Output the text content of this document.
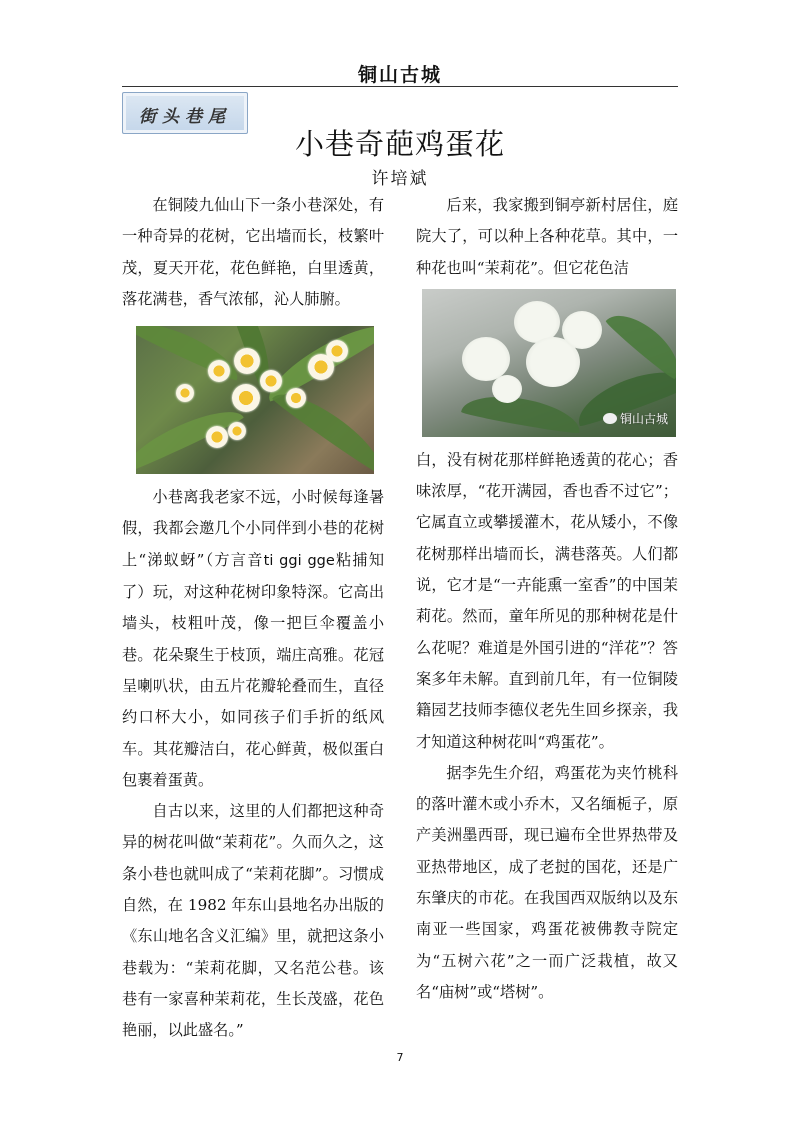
铜山古城
街头巷尾
小巷奇葩鸡蛋花
许培斌

在铜陵九仙山下一条小巷深处，有一种奇异的花树，它出墙而长，枝繁叶茂，夏天开花，花色鲜艳，白里透黄，落花满巷，香气浓郁，沁人肺腑。

小巷离我老家不远，小时候每逢暑假，我都会邀几个小同伴到小巷的花树上“涕蚁蚜”（方言音ti ggi gge粘捕知了）玩，对这种花树印象特深。它高出墙头，枝粗叶茂，像一把巨伞覆盖小巷。花朵聚生于枝顶，端庄高雅。花冠呈喇叭状，由五片花瓣轮叠而生，直径约口杯大小，如同孩子们手折的纸风车。其花瓣洁白，花心鲜黄，极似蛋白包裹着蛋黄。

自古以来，这里的人们都把这种奇异的树花叫做“茉莉花”。久而久之，这条小巷也就叫成了“茉莉花脚”。习惯成自然，在 1982 年东山县地名办出版的《东山地名含义汇编》里，就把这条小巷载为：“茉莉花脚，又名范公巷。该巷有一家喜种茉莉花，生长茂盛，花色艳丽，以此盛名。”

后来，我家搬到铜亭新村居住，庭院大了，可以种上各种花草。其中，一种花也叫“茉莉花”。但它花色洁

铜山古城

白，没有树花那样鲜艳透黄的花心；香味浓厚，“花开满园，香也香不过它”；它属直立或攀援灌木，花从矮小，不像花树那样出墙而长，满巷落英。人们都说，它才是“一卉能熏一室香”的中国茉莉花。然而，童年所见的那种树花是什么花呢？难道是外国引进的“洋花”？答案多年未解。直到前几年，有一位铜陵籍园艺技师李德仪老先生回乡探亲，我才知道这种树花叫“鸡蛋花”。

据李先生介绍，鸡蛋花为夹竹桃科的落叶灌木或小乔木，又名缅栀子，原产美洲墨西哥，现已遍布全世界热带及亚热带地区，成了老挝的国花，还是广东肇庆的市花。在我国西双版纳以及东南亚一些国家，鸡蛋花被佛教寺院定为“五树六花”之一而广泛栽植，故又名“庙树”或“塔树”。

7
